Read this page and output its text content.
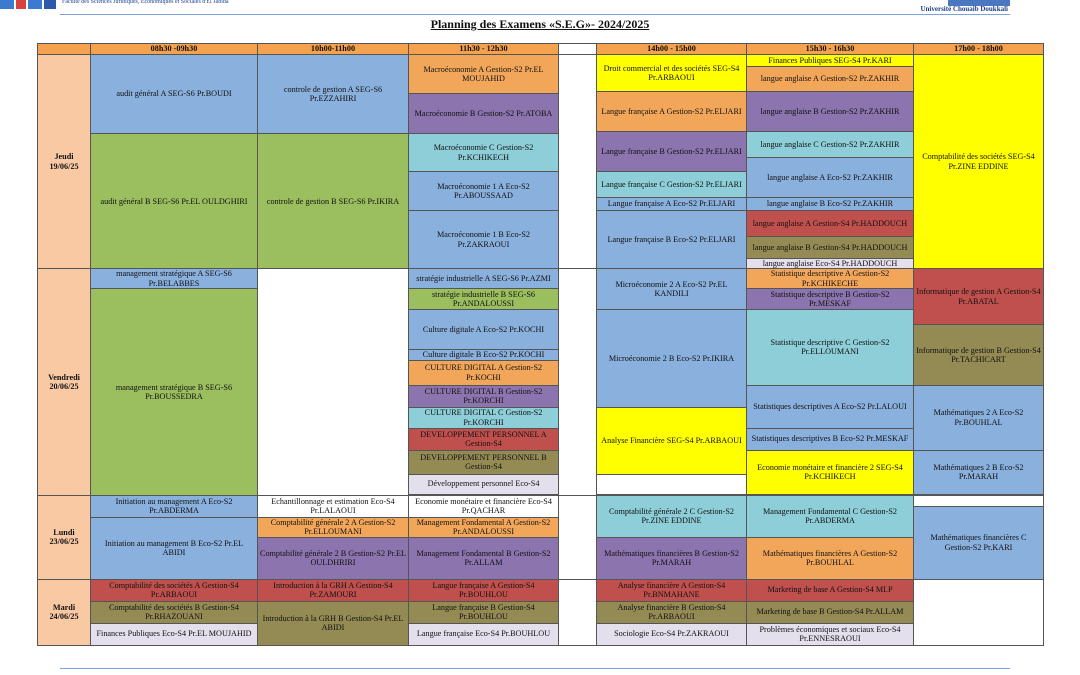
Faculté des Sciences Juridiques, Economiques et Sociales d'El Jadida
Université Chouaib Doukkali
Planning des Examens «S.E.G»- 2024/2025
	08h30 -09h30	10h00-11h00	11h30 - 12h30		14h00 - 15h00	15h30 - 16h30	17h00 - 18h00
Jeudi
19/06/25	audit général A SEG-S6 Pr.BOUDI	controle de gestion A SEG-S6 Pr.EZZAHIRI	Macroéconomie A Gestion-S2 Pr.EL MOUJAHID		Droit commercial et des sociétés SEG-S4 Pr.ARBAOUI	Finances Publiques SEG-S4 Pr.KARI	Comptabilité des sociétés SEG-S4 Pr.ZINE EDDINE
						langue anglaise A Gestion-S2 Pr.ZAKHIR	
					Langue française A Gestion-S2 Pr.ELJARI	langue anglaise B Gestion-S2 Pr.ZAKHIR	
			Macroéconomie B Gestion-S2 Pr.ATOBA				
					Langue française B Gestion-S2 Pr.ELJARI	langue anglaise C Gestion-S2 Pr.ZAKHIR	
	audit général B SEG-S6 Pr.EL OULDGHIRI	controle de gestion B SEG-S6 Pr.IKIRA	Macroéconomie C Gestion-S2 Pr.KCHIKECH				
						langue anglaise A Eco-S2 Pr.ZAKHIR	
			Macroéconomie 1 A Eco-S2 Pr.ABOUSSAAD		Langue française C Gestion-S2 Pr.ELJARI		
					Langue française A Eco-S2 Pr.ELJARI	langue anglaise B Eco-S2 Pr.ZAKHIR	
			Macroéconomie 1 B Eco-S2 Pr.ZAKRAOUI		Langue française B Eco-S2 Pr.ELJARI	langue anglaise A Gestion-S4 Pr.HADDOUCH	
						langue anglaise B Gestion-S4 Pr.HADDOUCH	
						langue anglaise Eco-S4 Pr.HADDOUCH	

Vendredi
20/06/25	management stratégique A SEG-S6 Pr.BELABBES		stratégie industrielle A SEG-S6 Pr.AZMI		Microéconomie 2 A Eco-S2 Pr.EL KANDILI	Statistique descriptive A Gestion-S2 Pr.KCHIKECHE	Informatique de gestion A Gestion-S4 Pr.ABATAL
	management stratégique B SEG-S6 Pr.BOUSSEDRA		stratégie industrielle B SEG-S6 Pr.ANDALOUSSI			Statistique descriptive B Gestion-S2 Pr.MESKAF	

			Culture digitale A Eco-S2 Pr.KOCHI		Microéconomie 2 B Eco-S2 Pr.IKIRA	Statistique descriptive C Gestion-S2 Pr.ELLOUMANI	
							Informatique de gestion B Gestion-S4 Pr.TACHICART
			Culture digitale B Eco-S2 Pr.KOCHI				
			CULTURE DIGITAL A Gestion-S2 Pr.KOCHI				
			CULTURE DIGITAL B Gestion-S2 Pr.KORCHI			Statistiques descriptives A Eco-S2 Pr.LALOUI	Mathématiques 2 A Eco-S2 Pr.BOUHLAL
			CULTURE DIGITAL C Gestion-S2 Pr.KORCHI		Analyse Financière SEG-S4 Pr.ARBAOUI		
			DEVELOPPEMENT PERSONNEL A Gestion-S4			Statistiques descriptives B Eco-S2 Pr.MESKAF	
			DEVELOPPEMENT PERSONNEL B Gestion-S4			Economie monétaire et financière 2 SEG-S4 Pr.KCHIKECH	Mathématiques 2 B Eco-S2 Pr.MARAH

			Développement personnel Eco-S4				

Lundi
23/06/25	Initiation au management A Eco-S2 Pr.ABDERMA	Echantillonnage et estimation Eco-S4 Pr.LALAOUI	Economie monétaire et financière Eco-S4 Pr.QACHAR		Comptabilité générale 2 C Gestion-S2 Pr.ZINE EDDINE	Management Fondamental C Gestion-S2 Pr.ABDERMA	
							Mathématiques financières C Gestion-S2 Pr.KARI
	Initiation au management B Eco-S2 Pr.EL ABIDI	Comptabilité générale 2 A Gestion-S2 Pr.ELLOUMANI	Management Fondamental A Gestion-S2 Pr.ANDALOUSSI				
		Comptabilité générale 2 B Gestion-S2 Pr.EL OULDHRIRI	Management Fondamental B Gestion-S2 Pr.ALLAM		Mathématiques financières B Gestion-S2 Pr.MARAH	Mathématiques financières A Gestion-S2 Pr.BOUHLAL	

Mardi
24/06/25	Comptabilité des sociétés A Gestion-S4 Pr.ARBAOUI	Introduction à la GRH A Gestion-S4 Pr.ZAMOURI	Langue française A Gestion-S4 Pr.BOUHLOU		Analyse financière A Gestion-S4 Pr.BNMAHANE	Marketing de base A Gestion-S4 MI.P	
	Comptabilité des sociétés B Gestion-S4 Pr.RHAZOUANI	Introduction à la GRH B Gestion-S4 Pr.EL ABIDI	Langue française B Gestion-S4 Pr.BOUHLOU		Analyse financière B Gestion-S4 Pr.ARBAOUI	Marketing de base B Gestion-S4 Pr.ALLAM	
	Finances Publiques Eco-S4 Pr.EL MOUJAHID		Langue française Eco-S4 Pr.BOUHLOU		Sociologie Eco-S4 Pr.ZAKRAOUI	Problèmes économiques et sociaux Eco-S4 Pr.ENNESRAOUI	
